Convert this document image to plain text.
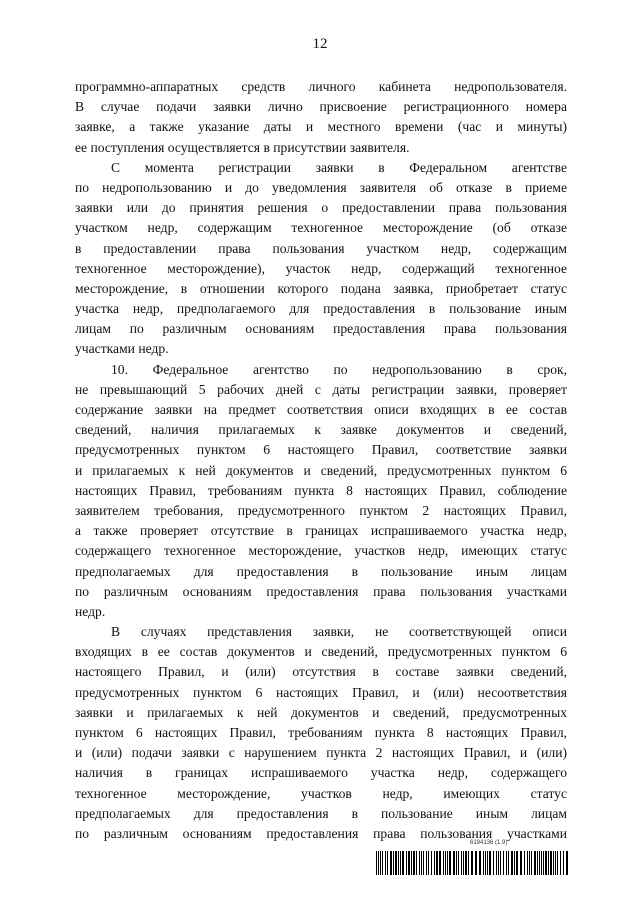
12
программно-аппаратных средств личного кабинета недропользователя.
В случае подачи заявки лично присвоение регистрационного номера
заявке, а также указание даты и местного времени (час и минуты)
ее поступления осуществляется в присутствии заявителя.
С момента регистрации заявки в Федеральном агентстве
по недропользованию и до уведомления заявителя об отказе в приеме
заявки или до принятия решения о предоставлении права пользования
участком недр, содержащим техногенное месторождение (об отказе
в предоставлении права пользования участком недр, содержащим
техногенное месторождение), участок недр, содержащий техногенное
месторождение, в отношении которого подана заявка, приобретает статус
участка недр, предполагаемого для предоставления в пользование иным
лицам по различным основаниям предоставления права пользования
участками недр.
10. Федеральное агентство по недропользованию в срок,
не превышающий 5 рабочих дней с даты регистрации заявки, проверяет
содержание заявки на предмет соответствия описи входящих в ее состав
сведений, наличия прилагаемых к заявке документов и сведений,
предусмотренных пунктом 6 настоящего Правил, соответствие заявки
и прилагаемых к ней документов и сведений, предусмотренных пунктом 6
настоящих Правил, требованиям пункта 8 настоящих Правил, соблюдение
заявителем требования, предусмотренного пунктом 2 настоящих Правил,
а также проверяет отсутствие в границах испрашиваемого участка недр,
содержащего техногенное месторождение, участков недр, имеющих статус
предполагаемых для предоставления в пользование иным лицам
по различным основаниям предоставления права пользования участками
недр.
В случаях представления заявки, не соответствующей описи
входящих в ее состав документов и сведений, предусмотренных пунктом 6
настоящего Правил, и (или) отсутствия в составе заявки сведений,
предусмотренных пунктом 6 настоящих Правил, и (или) несоответствия
заявки и прилагаемых к ней документов и сведений, предусмотренных
пунктом 6 настоящих Правил, требованиям пункта 8 настоящих Правил,
и (или) подачи заявки с нарушением пункта 2 настоящих Правил, и (или)
наличия в границах испрашиваемого участка недр, содержащего
техногенное месторождение, участков недр, имеющих статус
предполагаемых для предоставления в пользование иным лицам
по различным основаниям предоставления права пользования участками
6194136 (1.9)
